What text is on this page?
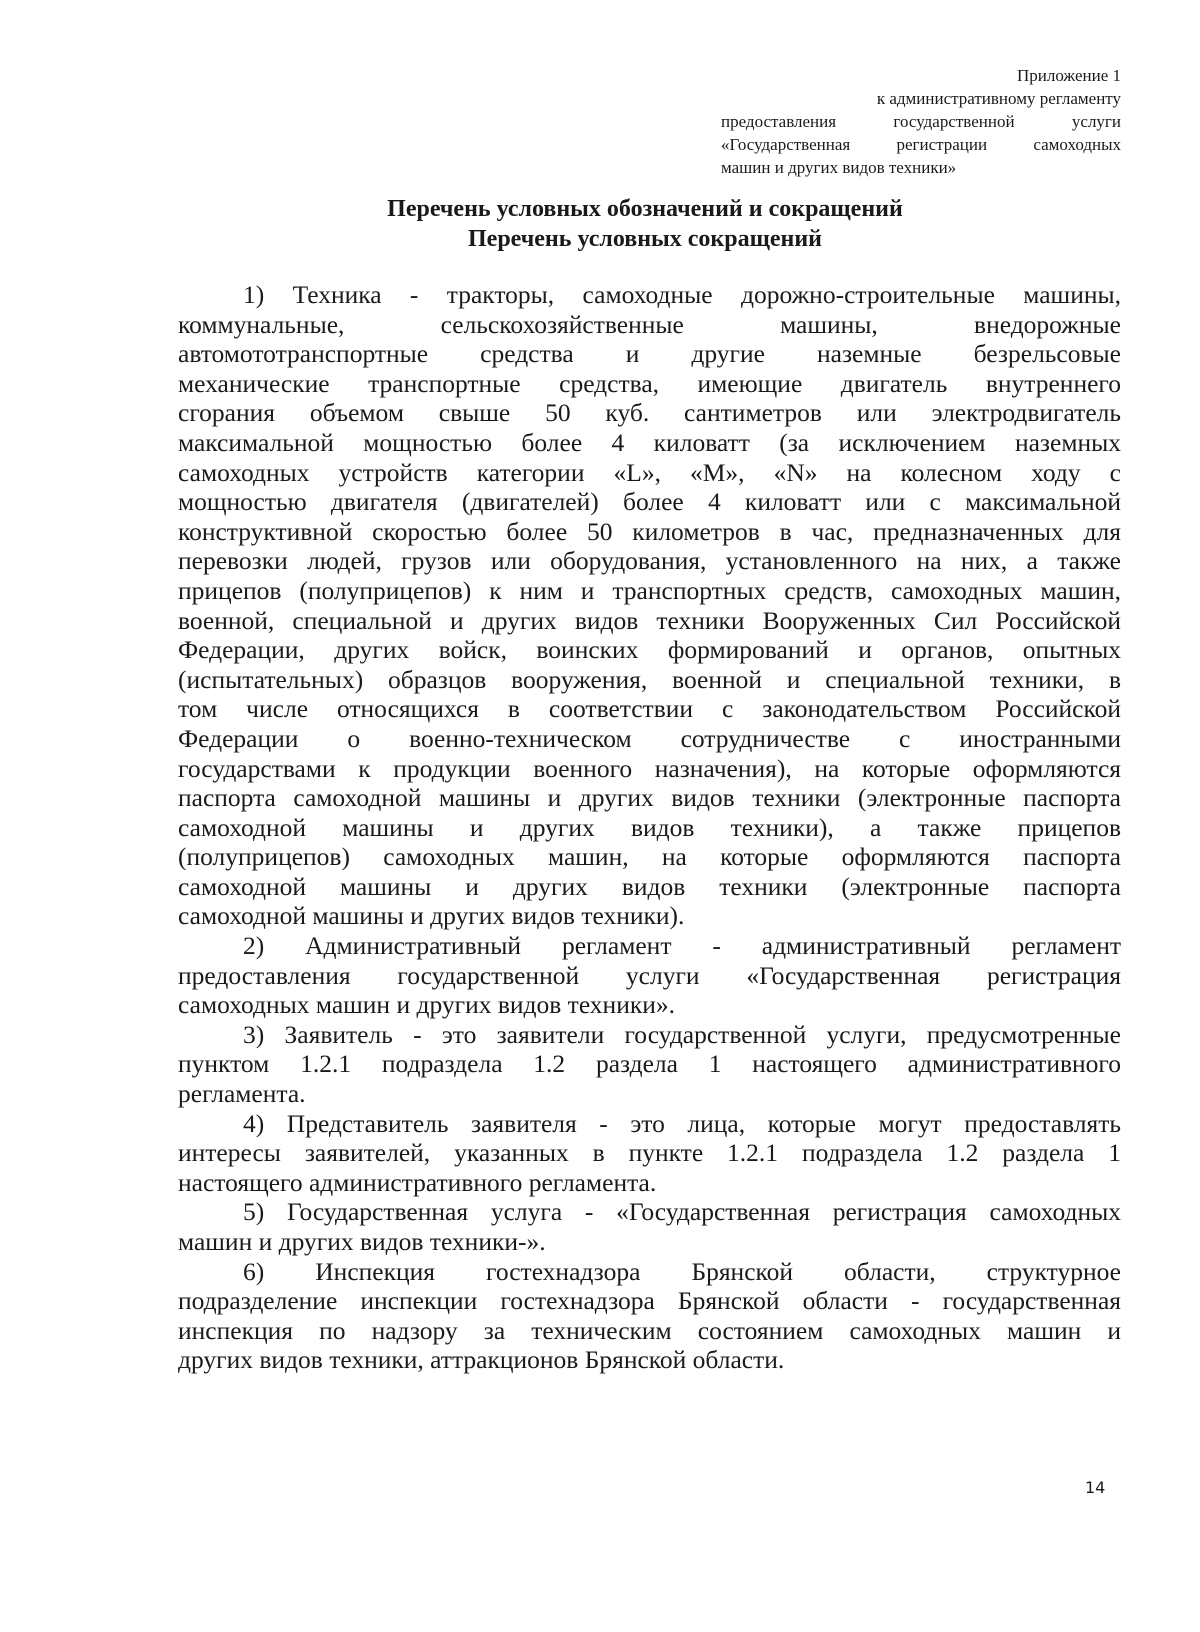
Приложение 1
к административному регламенту
предоставления государственной услуги
«Государственная регистрации самоходных
машин и других видов техники»
Перечень условных обозначений и сокращений
Перечень условных сокращений
1) Техника - тракторы, самоходные дорожно-строительные машины,
коммунальные, сельскохозяйственные машины, внедорожные
автомототранспортные средства и другие наземные безрельсовые
механические транспортные средства, имеющие двигатель внутреннего
сгорания объемом свыше 50 куб. сантиметров или электродвигатель
максимальной мощностью более 4 киловатт (за исключением наземных
самоходных устройств категории «L», «M», «N» на колесном ходу с
мощностью двигателя (двигателей) более 4 киловатт или с максимальной
конструктивной скоростью более 50 километров в час, предназначенных для
перевозки людей, грузов или оборудования, установленного на них, а также
прицепов (полуприцепов) к ним и транспортных средств, самоходных машин,
военной, специальной и других видов техники Вооруженных Сил Российской
Федерации, других войск, воинских формирований и органов, опытных
(испытательных) образцов вооружения, военной и специальной техники, в
том числе относящихся в соответствии с законодательством Российской
Федерации о военно-техническом сотрудничестве с иностранными
государствами к продукции военного назначения), на которые оформляются
паспорта самоходной машины и других видов техники (электронные паспорта
самоходной машины и других видов техники), а также прицепов
(полуприцепов) самоходных машин, на которые оформляются паспорта
самоходной машины и других видов техники (электронные паспорта
самоходной машины и других видов техники).
2) Административный регламент - административный регламент
предоставления государственной услуги «Государственная регистрация
самоходных машин и других видов техники».
3) Заявитель - это заявители государственной услуги, предусмотренные
пунктом 1.2.1 подраздела 1.2 раздела 1 настоящего административного
регламента.
4) Представитель заявителя - это лица, которые могут предоставлять
интересы заявителей, указанных в пункте 1.2.1 подраздела 1.2 раздела 1
настоящего административного регламента.
5) Государственная услуга - «Государственная регистрация самоходных
машин и других видов техники-».
6) Инспекция гостехнадзора Брянской области, структурное
подразделение инспекции гостехнадзора Брянской области - государственная
инспекция по надзору за техническим состоянием самоходных машин и
других видов техники, аттракционов Брянской области.
14
